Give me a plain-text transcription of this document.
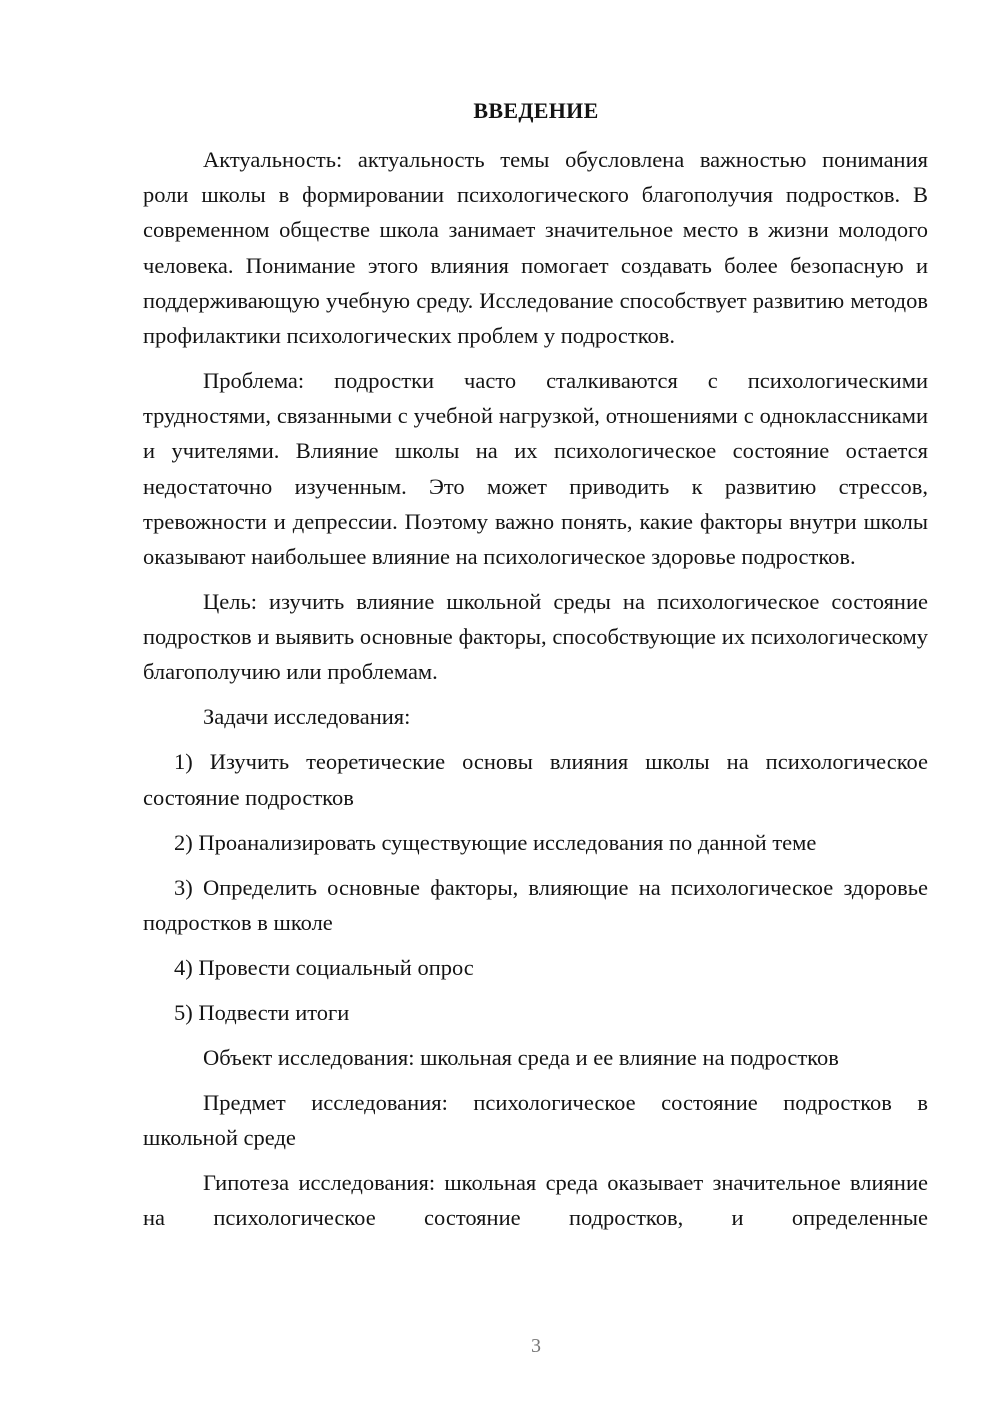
ВВЕДЕНИЕ

Актуальность: актуальность темы обусловлена важностью понимания роли школы в формировании психологического благополучия подростков. В современном обществе школа занимает значительное место в жизни молодого человека. Понимание этого влияния помогает создавать более безопасную и поддерживающую учебную среду. Исследование способствует развитию методов профилактики психологических проблем у подростков.

Проблема: подростки часто сталкиваются с психологическими трудностями, связанными с учебной нагрузкой, отношениями с одноклассниками и учителями. Влияние школы на их психологическое состояние остается недостаточно изученным. Это может приводить к развитию стрессов, тревожности и депрессии. Поэтому важно понять, какие факторы внутри школы оказывают наибольшее влияние на психологическое здоровье подростков.

Цель: изучить влияние школьной среды на психологическое состояние подростков и выявить основные факторы, способствующие их психологическому благополучию или проблемам.

Задачи исследования:

1) Изучить теоретические основы влияния школы на психологическое состояние подростков

2) Проанализировать существующие исследования по данной теме

3) Определить основные факторы, влияющие на психологическое здоровье подростков в школе

4) Провести социальный опрос

5) Подвести итоги

Объект исследования: школьная среда и ее влияние на подростков

Предмет исследования: психологическое состояние подростков в школьной среде

Гипотеза исследования: школьная среда оказывает значительное влияние на психологическое состояние подростков, и определенные

3
